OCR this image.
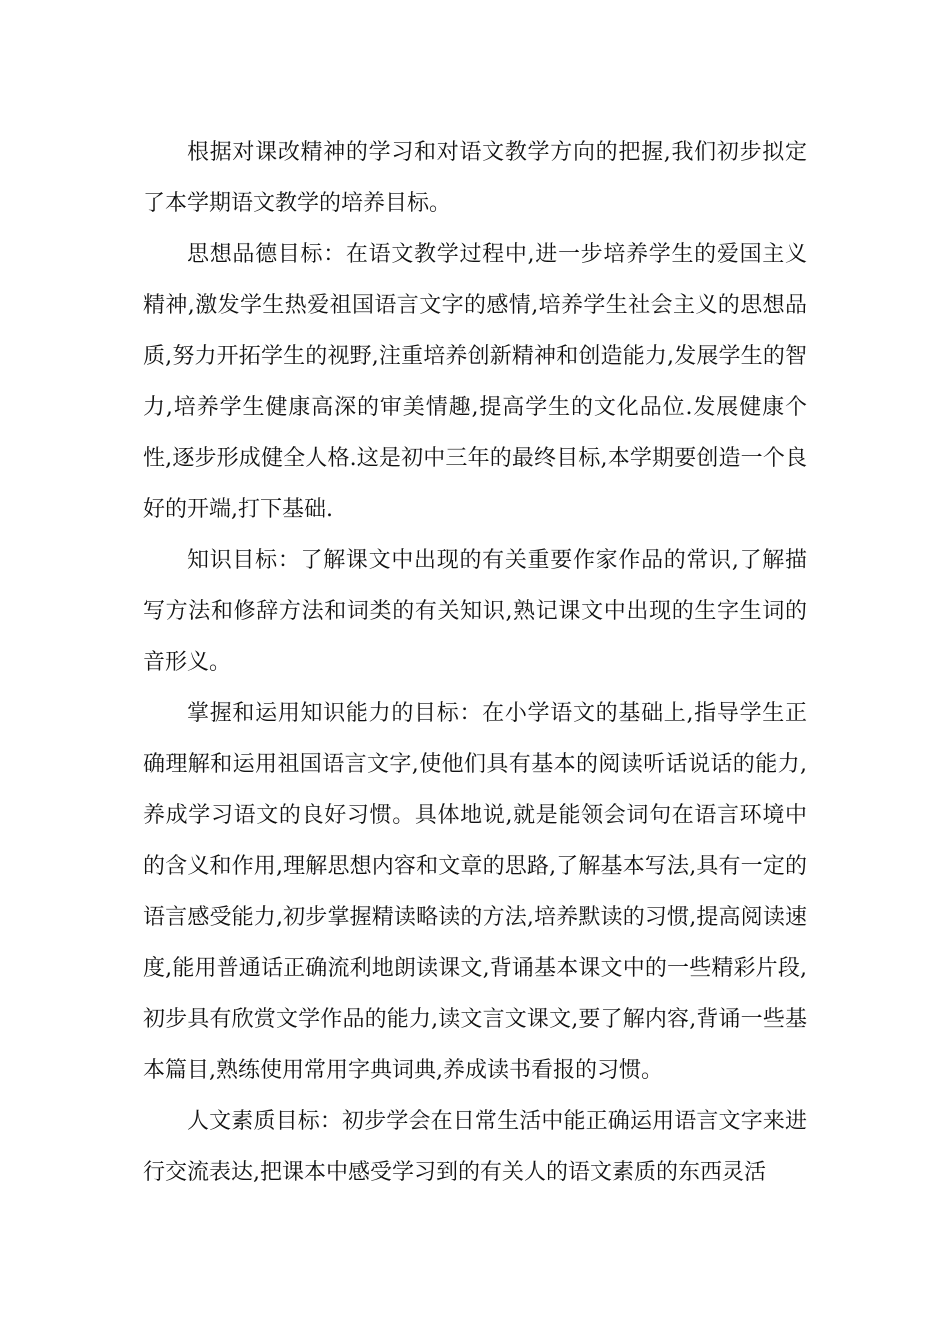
根据对课改精神的学习和对语文教学方向的把握,我们初步拟定了本学期语文教学的培养目标。

思想品德目标：在语文教学过程中,进一步培养学生的爱国主义精神,激发学生热爱祖国语言文字的感情,培养学生社会主义的思想品质,努力开拓学生的视野,注重培养创新精神和创造能力,发展学生的智力,培养学生健康高深的审美情趣,提高学生的文化品位.发展健康个性,逐步形成健全人格.这是初中三年的最终目标,本学期要创造一个良好的开端,打下基础.

知识目标：了解课文中出现的有关重要作家作品的常识,了解描写方法和修辞方法和词类的有关知识,熟记课文中出现的生字生词的音形义。

掌握和运用知识能力的目标：在小学语文的基础上,指导学生正确理解和运用祖国语言文字,使他们具有基本的阅读听话说话的能力,养成学习语文的良好习惯。具体地说,就是能领会词句在语言环境中的含义和作用,理解思想内容和文章的思路,了解基本写法,具有一定的语言感受能力,初步掌握精读略读的方法,培养默读的习惯,提高阅读速度,能用普通话正确流利地朗读课文,背诵基本课文中的一些精彩片段,初步具有欣赏文学作品的能力,读文言文课文,要了解内容,背诵一些基本篇目,熟练使用常用字典词典,养成读书看报的习惯。

人文素质目标：初步学会在日常生活中能正确运用语言文字来进行交流表达,把课本中感受学习到的有关人的语文素质的东西灵活
